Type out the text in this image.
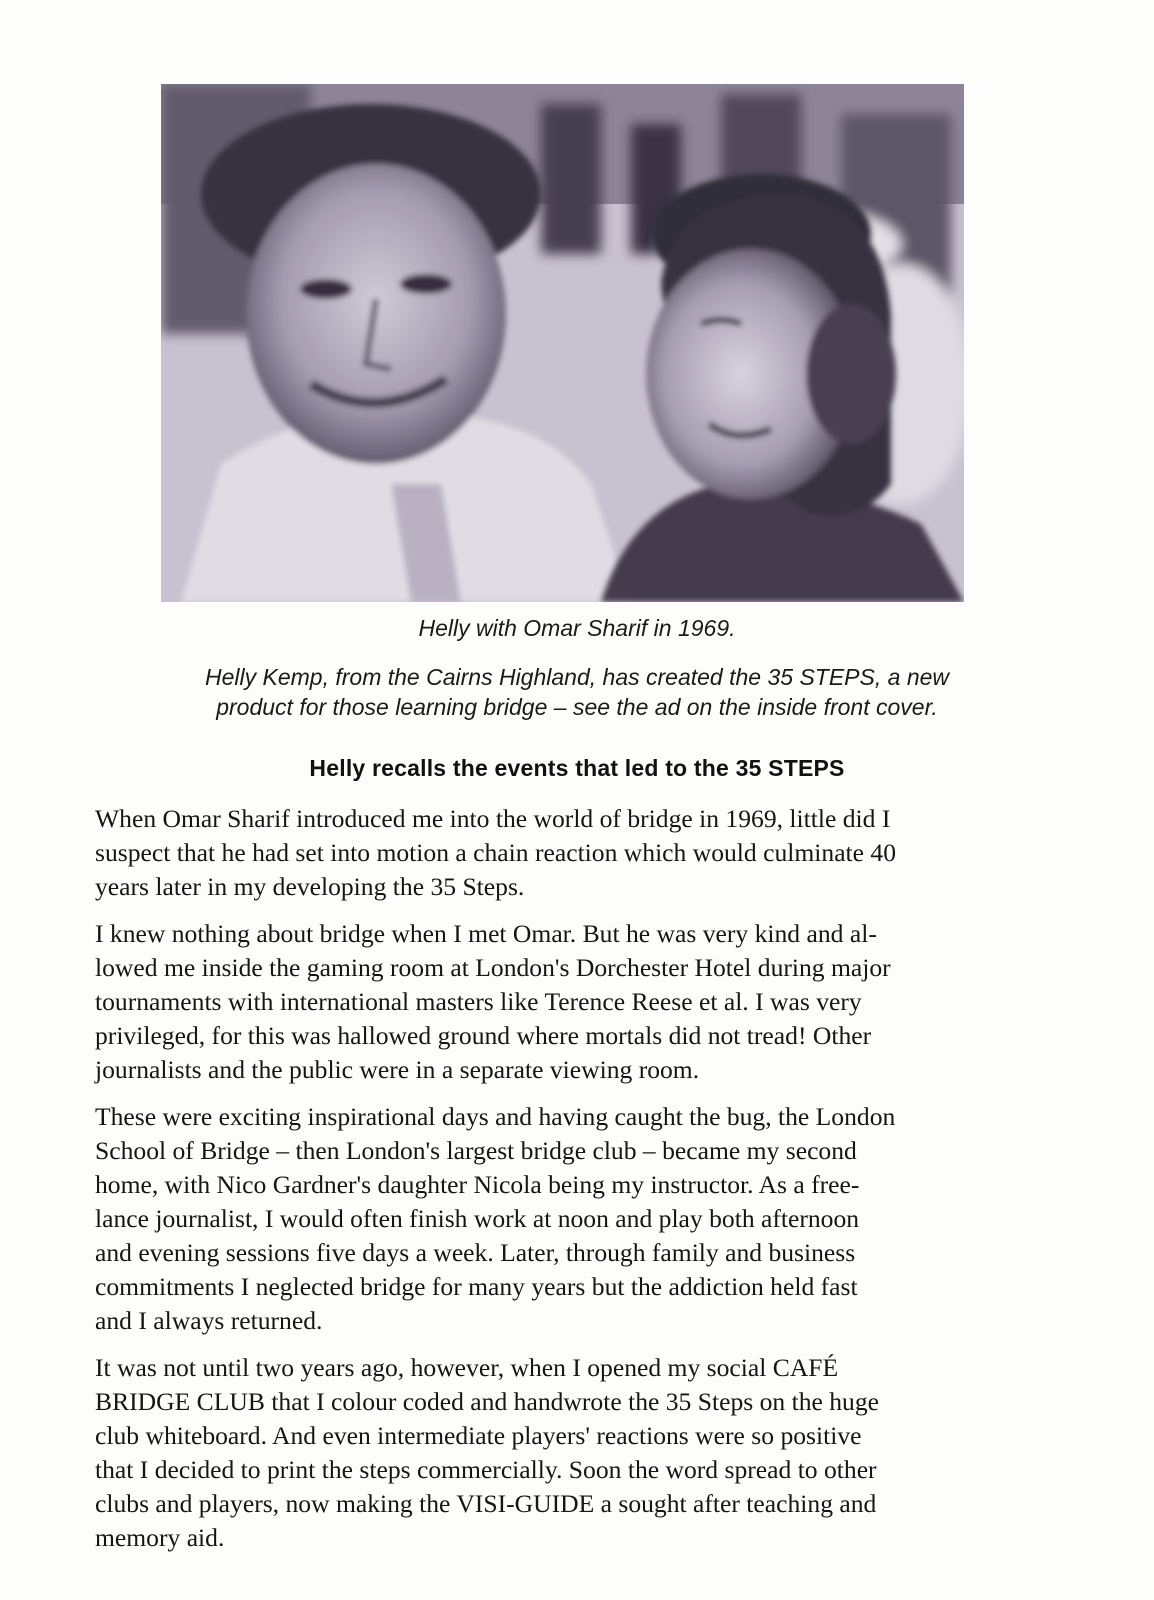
Helly with Omar Sharif in 1969.
Helly Kemp, from the Cairns Highland, has created the 35 STEPS, a new
product for those learning bridge – see the ad on the inside front cover.
Helly recalls the events that led to the 35 STEPS

When Omar Sharif introduced me into the world of bridge in 1969, little did I
suspect that he had set into motion a chain reaction which would culminate 40
years later in my developing the 35 Steps.

I knew nothing about bridge when I met Omar. But he was very kind and al-
lowed me inside the gaming room at London's Dorchester Hotel during major
tournaments with international masters like Terence Reese et al. I was very
privileged, for this was hallowed ground where mortals did not tread! Other
journalists and the public were in a separate viewing room.

These were exciting inspirational days and having caught the bug, the London
School of Bridge – then London's largest bridge club – became my second
home, with Nico Gardner's daughter Nicola being my instructor. As a free-
lance journalist, I would often finish work at noon and play both afternoon
and evening sessions five days a week. Later, through family and business
commitments I neglected bridge for many years but the addiction held fast
and I always returned.

It was not until two years ago, however, when I opened my social CAFÉ
BRIDGE CLUB that I colour coded and handwrote the 35 Steps on the huge
club whiteboard. And even intermediate players' reactions were so positive
that I decided to print the steps commercially. Soon the word spread to other
clubs and players, now making the VISI-GUIDE a sought after teaching and
memory aid.
